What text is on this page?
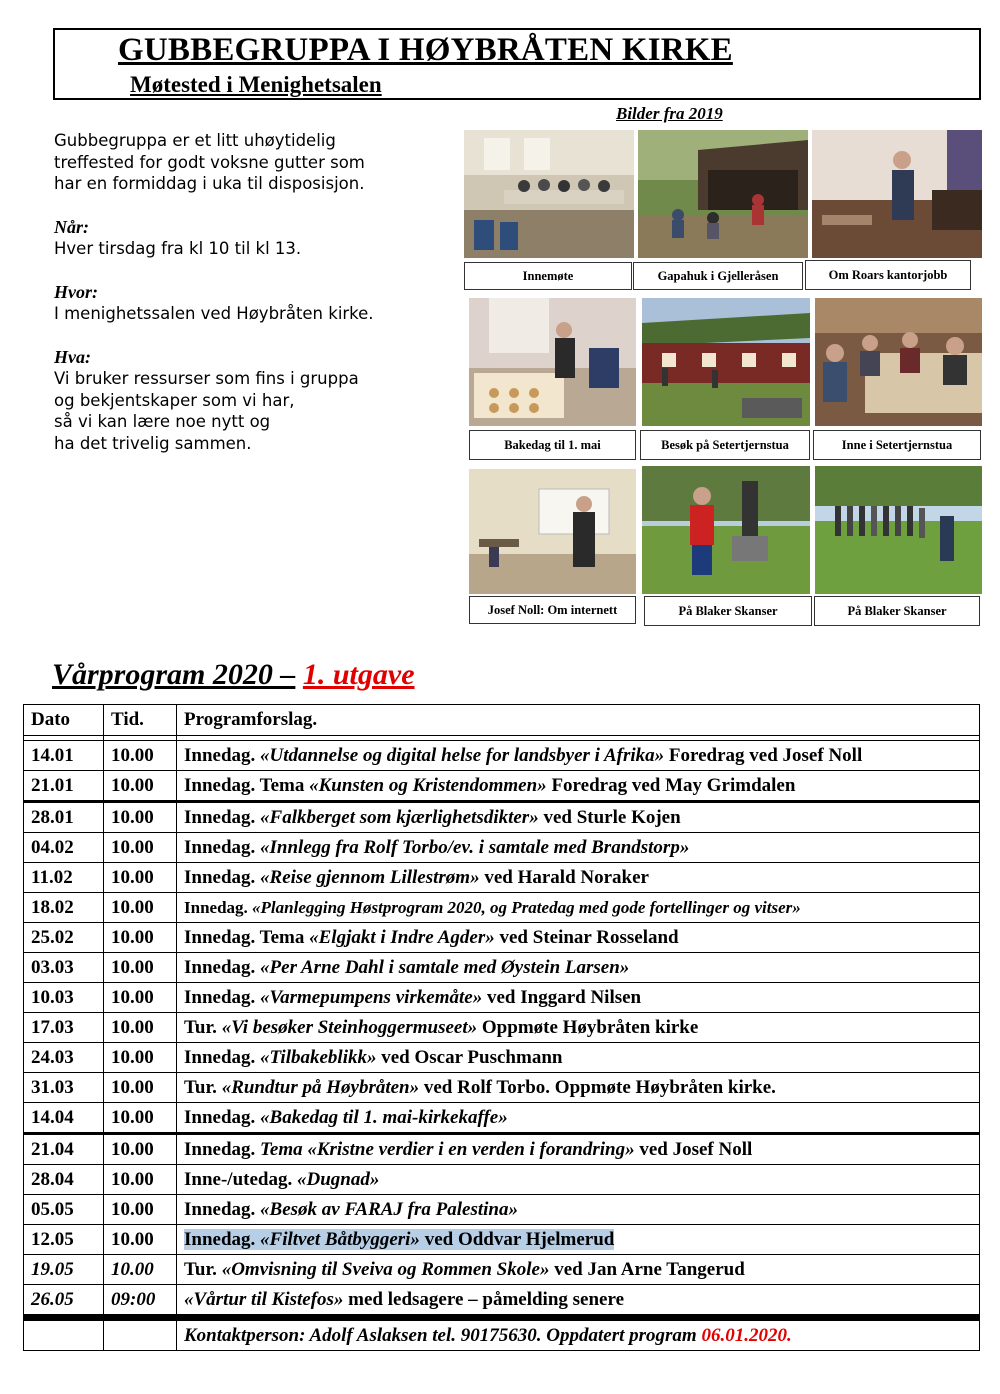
GUBBEGRUPPA I HØYBRÅTEN KIRKE
Møtested i Menighetsalen

Gubbegruppa er et litt uhøytidelig

treffested for godt voksne gutter som

har en formiddag i uka til disposisjon.

Når:

Hver tirsdag fra kl 10 til kl 13.

Hvor:

I menighetssalen ved Høybråten kirke.

Hva:

Vi bruker ressurser som fins i gruppa

og bekjentskaper som vi har,

så vi kan lære noe nytt og

ha det trivelig sammen.

Bilder fra 2019
Innemøte	Gapahuk i Gjelleråsen	Om Roars kantorjobb
Bakedag til 1. mai	Besøk på Setertjernstua	Inne i Setertjernstua
Josef Noll: Om internett	På Blaker Skanser	På Blaker Skanser
Vårprogram 2020 – 1. utgave
Dato	Tid.	Programforslag.

14.01	10.00	Innedag. «Utdannelse og digital helse for landsbyer i Afrika» Foredrag ved Josef Noll
21.01	10.00	Innedag. Tema «Kunsten og Kristendommen» Foredrag ved May Grimdalen
28.01	10.00	Innedag. «Falkberget som kjærlighetsdikter» ved Sturle Kojen
04.02	10.00	Innedag. «Innlegg fra Rolf Torbo/ev. i samtale med Brandstorp»
11.02	10.00	Innedag. «Reise gjennom Lillestrøm» ved Harald Noraker
18.02	10.00	Innedag. «Planlegging Høstprogram 2020, og Pratedag med gode fortellinger og vitser»
25.02	10.00	Innedag. Tema «Elgjakt i Indre Agder» ved Steinar Rosseland
03.03	10.00	Innedag. «Per Arne Dahl i samtale med Øystein Larsen»
10.03	10.00	Innedag. «Varmepumpens virkemåte» ved Inggard Nilsen
17.03	10.00	Tur. «Vi besøker Steinhoggermuseet» Oppmøte Høybråten kirke
24.03	10.00	Innedag. «Tilbakeblikk» ved Oscar Puschmann
31.03	10.00	Tur. «Rundtur på Høybråten» ved Rolf Torbo. Oppmøte Høybråten kirke.
14.04	10.00	Innedag. «Bakedag til 1. mai-kirkekaffe»
21.04	10.00	Innedag. Tema «Kristne verdier i en verden i forandring» ved Josef Noll
28.04	10.00	Inne-/utedag. «Dugnad»
05.05	10.00	Innedag. «Besøk av FARAJ fra Palestina»
12.05	10.00	Innedag. «Filtvet Båtbyggeri» ved Oddvar Hjelmerud
19.05	10.00	Tur. «Omvisning til Sveiva og Rommen Skole» ved Jan Arne Tangerud
26.05	09:00	«Vårtur til Kistefos» med ledsagere – påmelding senere

		Kontaktperson: Adolf Aslaksen tel. 90175630. Oppdatert program 06.01.2020.
